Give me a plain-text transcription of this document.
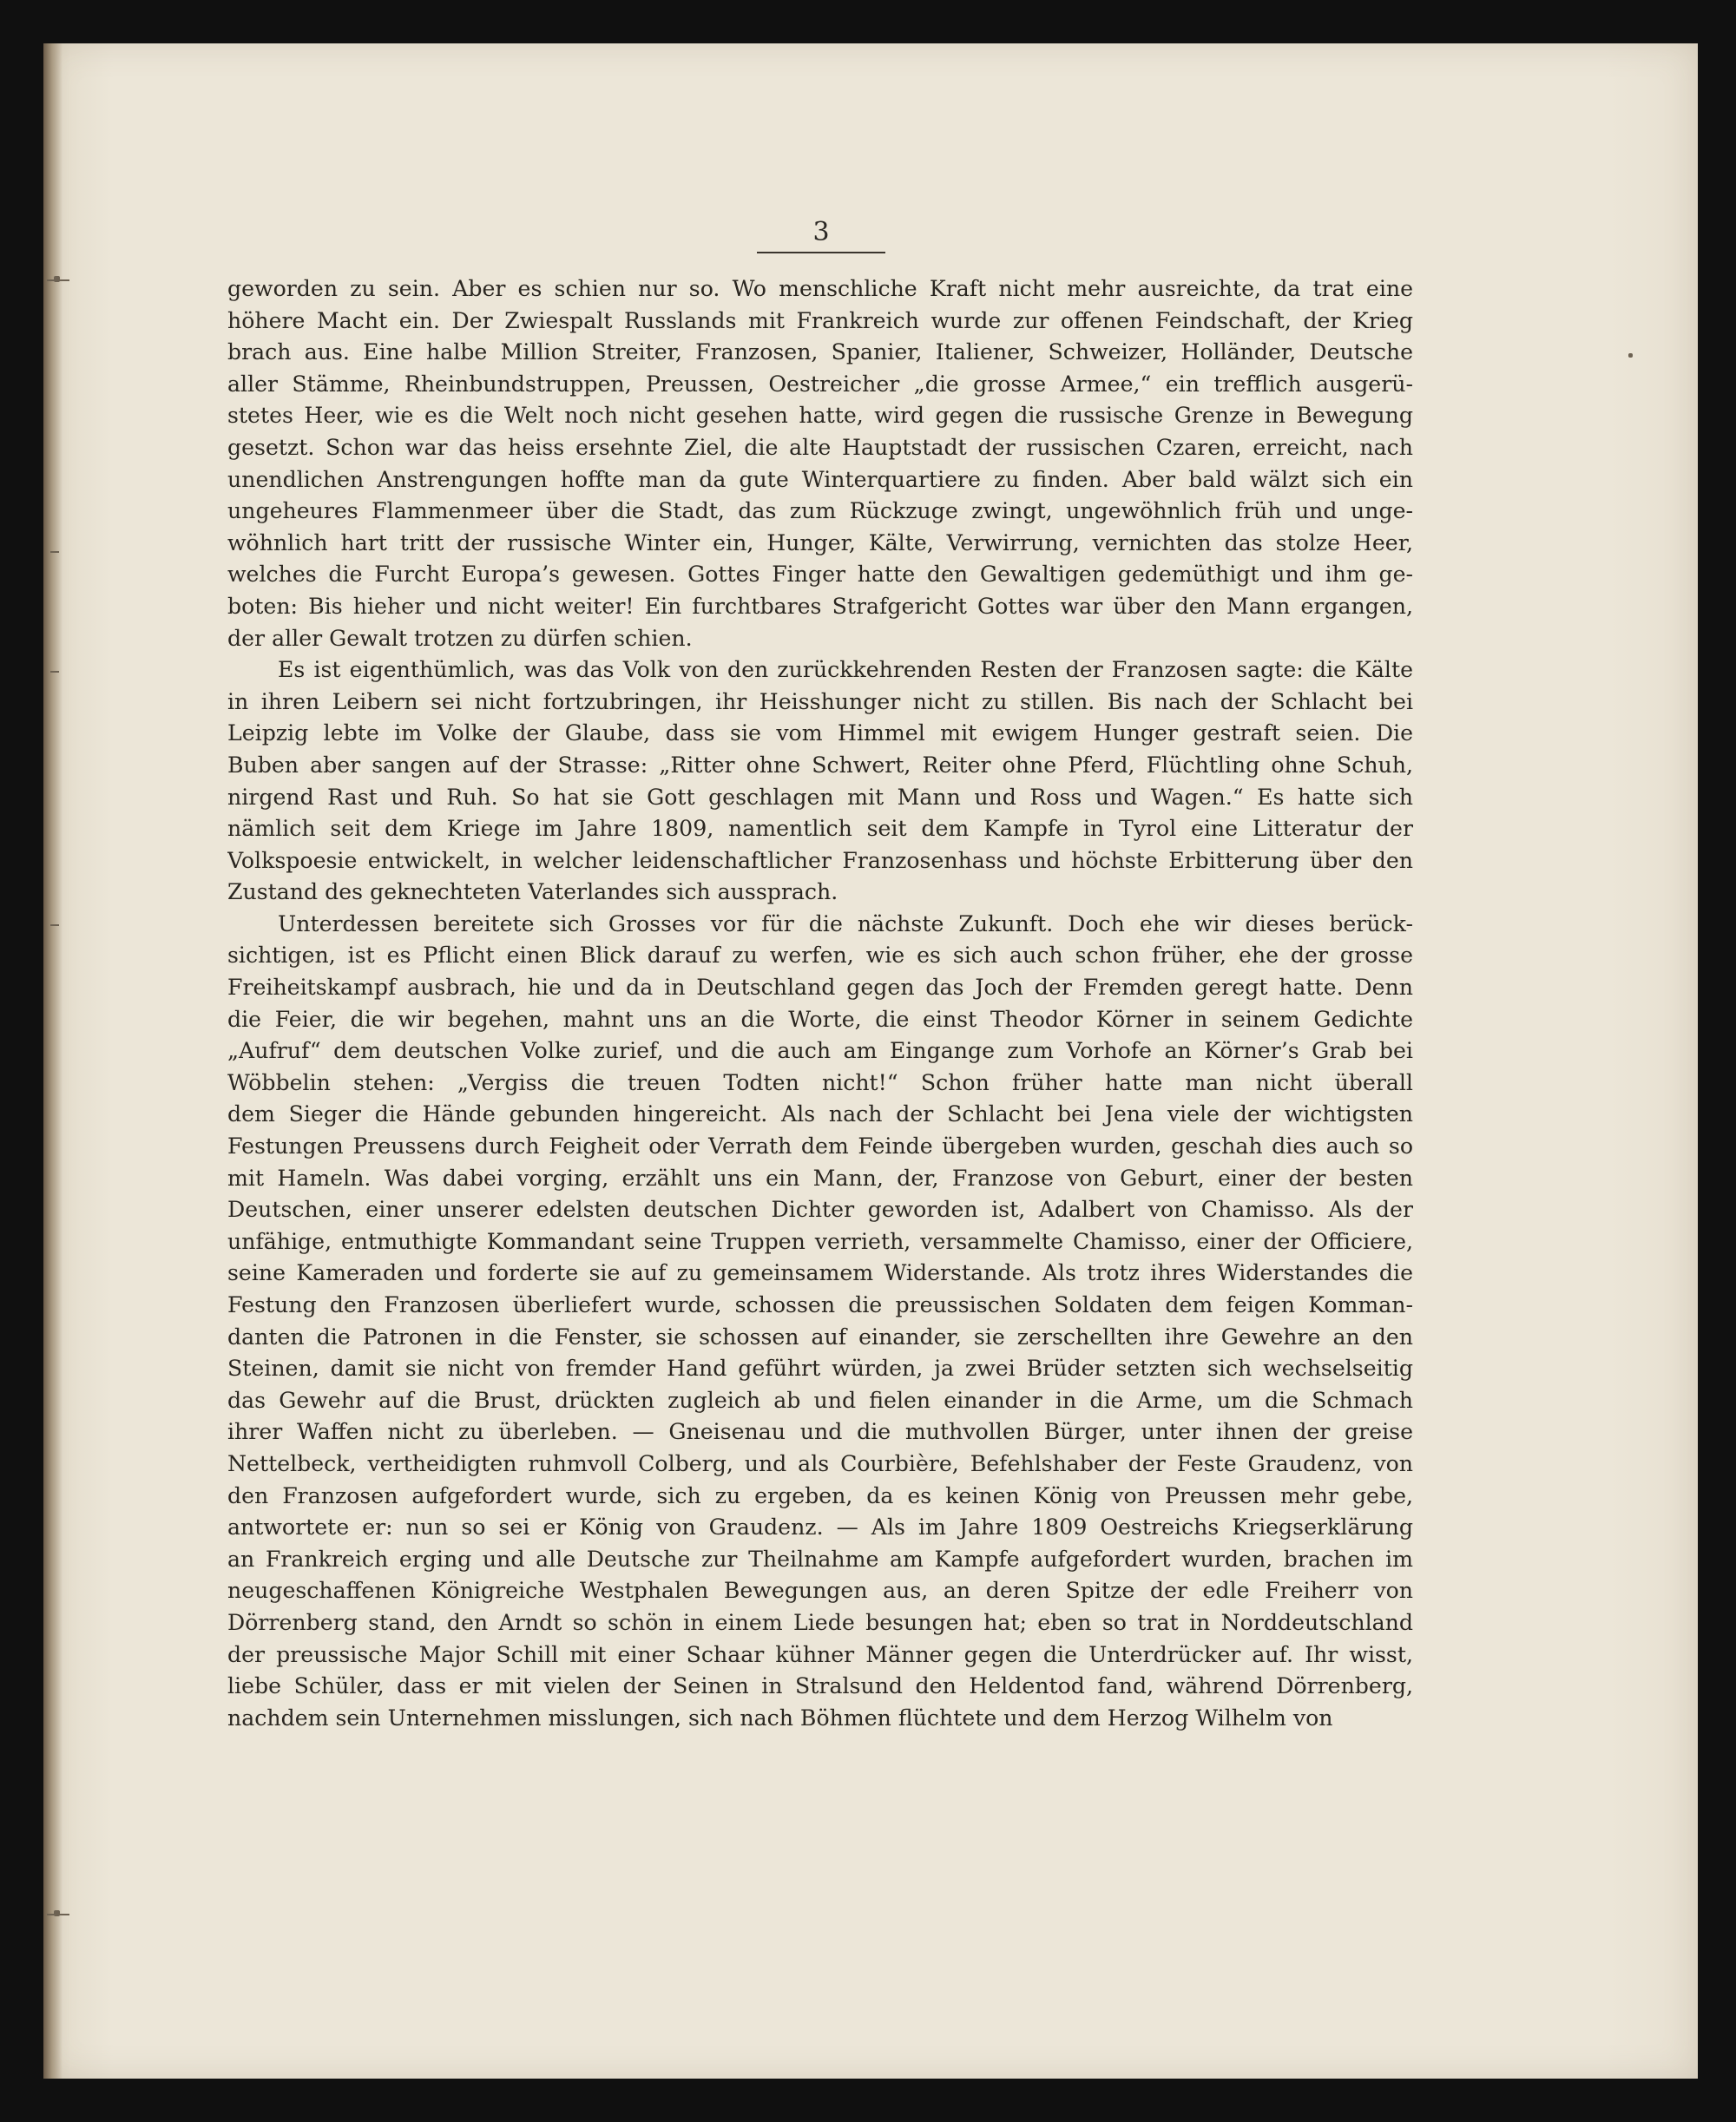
3
geworden zu sein. Aber es schien nur so. Wo menschliche Kraft nicht mehr ausreichte, da trat eine
höhere Macht ein. Der Zwiespalt Russlands mit Frankreich wurde zur offenen Feindschaft, der Krieg
brach aus. Eine halbe Million Streiter, Franzosen, Spanier, Italiener, Schweizer, Holländer, Deutsche
aller Stämme, Rheinbundstruppen, Preussen, Oestreicher „die grosse Armee,“ ein trefflich ausgerü-
stetes Heer, wie es die Welt noch nicht gesehen hatte, wird gegen die russische Grenze in Bewegung
gesetzt. Schon war das heiss ersehnte Ziel, die alte Hauptstadt der russischen Czaren, erreicht, nach
unendlichen Anstrengungen hoffte man da gute Winterquartiere zu finden. Aber bald wälzt sich ein
ungeheures Flammenmeer über die Stadt, das zum Rückzuge zwingt, ungewöhnlich früh und unge-
wöhnlich hart tritt der russische Winter ein, Hunger, Kälte, Verwirrung, vernichten das stolze Heer,
welches die Furcht Europa’s gewesen. Gottes Finger hatte den Gewaltigen gedemüthigt und ihm ge-
boten: Bis hieher und nicht weiter! Ein furchtbares Strafgericht Gottes war über den Mann ergangen,
der aller Gewalt trotzen zu dürfen schien.
Es ist eigenthümlich, was das Volk von den zurückkehrenden Resten der Franzosen sagte: die Kälte
in ihren Leibern sei nicht fortzubringen, ihr Heisshunger nicht zu stillen. Bis nach der Schlacht bei
Leipzig lebte im Volke der Glaube, dass sie vom Himmel mit ewigem Hunger gestraft seien. Die
Buben aber sangen auf der Strasse: „Ritter ohne Schwert, Reiter ohne Pferd, Flüchtling ohne Schuh,
nirgend Rast und Ruh. So hat sie Gott geschlagen mit Mann und Ross und Wagen.“ Es hatte sich
nämlich seit dem Kriege im Jahre 1809, namentlich seit dem Kampfe in Tyrol eine Litteratur der
Volkspoesie entwickelt, in welcher leidenschaftlicher Franzosenhass und höchste Erbitterung über den
Zustand des geknechteten Vaterlandes sich aussprach.
Unterdessen bereitete sich Grosses vor für die nächste Zukunft. Doch ehe wir dieses berück-
sichtigen, ist es Pflicht einen Blick darauf zu werfen, wie es sich auch schon früher, ehe der grosse
Freiheitskampf ausbrach, hie und da in Deutschland gegen das Joch der Fremden geregt hatte. Denn
die Feier, die wir begehen, mahnt uns an die Worte, die einst Theodor Körner in seinem Gedichte
„Aufruf“ dem deutschen Volke zurief, und die auch am Eingange zum Vorhofe an Körner’s Grab bei
Wöbbelin stehen: „Vergiss die treuen Todten nicht!“ Schon früher hatte man nicht überall
dem Sieger die Hände gebunden hingereicht. Als nach der Schlacht bei Jena viele der wichtigsten
Festungen Preussens durch Feigheit oder Verrath dem Feinde übergeben wurden, geschah dies auch so
mit Hameln. Was dabei vorging, erzählt uns ein Mann, der, Franzose von Geburt, einer der besten
Deutschen, einer unserer edelsten deutschen Dichter geworden ist, Adalbert von Chamisso. Als der
unfähige, entmuthigte Kommandant seine Truppen verrieth, versammelte Chamisso, einer der Officiere,
seine Kameraden und forderte sie auf zu gemeinsamem Widerstande. Als trotz ihres Widerstandes die
Festung den Franzosen überliefert wurde, schossen die preussischen Soldaten dem feigen Komman-
danten die Patronen in die Fenster, sie schossen auf einander, sie zerschellten ihre Gewehre an den
Steinen, damit sie nicht von fremder Hand geführt würden, ja zwei Brüder setzten sich wechselseitig
das Gewehr auf die Brust, drückten zugleich ab und fielen einander in die Arme, um die Schmach
ihrer Waffen nicht zu überleben. — Gneisenau und die muthvollen Bürger, unter ihnen der greise
Nettelbeck, vertheidigten ruhmvoll Colberg, und als Courbière, Befehlshaber der Feste Graudenz, von
den Franzosen aufgefordert wurde, sich zu ergeben, da es keinen König von Preussen mehr gebe,
antwortete er: nun so sei er König von Graudenz. — Als im Jahre 1809 Oestreichs Kriegserklärung
an Frankreich erging und alle Deutsche zur Theilnahme am Kampfe aufgefordert wurden, brachen im
neugeschaffenen Königreiche Westphalen Bewegungen aus, an deren Spitze der edle Freiherr von
Dörrenberg stand, den Arndt so schön in einem Liede besungen hat; eben so trat in Norddeutschland
der preussische Major Schill mit einer Schaar kühner Männer gegen die Unterdrücker auf. Ihr wisst,
liebe Schüler, dass er mit vielen der Seinen in Stralsund den Heldentod fand, während Dörrenberg,
nachdem sein Unternehmen misslungen, sich nach Böhmen flüchtete und dem Herzog Wilhelm von
